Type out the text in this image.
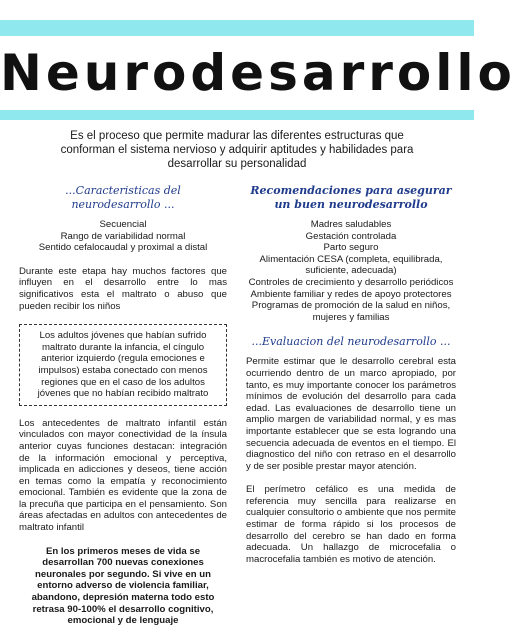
Neurodesarrollo

Es el proceso que permite madurar las diferentes estructuras que conforman el sistema nervioso y adquirir aptitudes y habilidades para desarrollar su personalidad

...Caracteristicas del neurodesarrollo ...
Secuencial
Rango de variabilidad normal
Sentido cefalocaudal y proximal a distal

Durante este etapa hay muchos factores que influyen en el desarrollo entre lo mas significativos esta el maltrato o abuso que pueden recibir los niños

Los adultos jóvenes que habían sufrido maltrato durante la infancia, el cíngulo anterior izquierdo (regula emociones e impulsos) estaba conectado con menos regiones que en el caso de los adultos jóvenes que no habían recibido maltrato

Los antecedentes de maltrato infantil están vinculados con mayor conectividad de la ínsula anterior cuyas funciones destacan: integración de la información emocional y perceptiva, implicada en adicciones y deseos, tiene acción en temas como la empatía y reconocimiento emocional. También es evidente que la zona de la precuña que participa en el pensamiento. Son áreas afectadas en adultos con antecedentes de maltrato infantil

En los primeros meses de vida se desarrollan 700 nuevas conexiones neuronales por segundo. Si vive en un entorno adverso de violencia familiar, abandono, depresión materna todo esto retrasa 90-100% el desarrollo cognitivo, emocional y de lenguaje

Recomendaciones para asegurar un buen neurodesarrollo
Madres saludables
Gestación controlada
Parto seguro
Alimentación CESA (completa, equilibrada, suficiente, adecuada)
Controles de crecimiento y desarrollo periódicos
Ambiente familiar y redes de apoyo protectores
Programas de promoción de la salud en niños, mujeres y familias
...Evaluacion del neurodesarrollo ...

Permite estimar que le desarrollo cerebral esta ocurriendo dentro de un marco apropiado, por tanto, es muy importante conocer los parámetros mínimos de evolución del desarrollo para cada edad. Las evaluaciones de desarrollo tiene un amplio margen de variabilidad normal, y es mas importante establecer que se esta logrando una secuencia adecuada de eventos en el tiempo. El diagnostico del niño con retraso en el desarrollo y de ser posible prestar mayor atención.

El perímetro cefálico es una medida de referencia muy sencilla para realizarse en cualquier consultorio o ambiente que nos permite estimar de forma rápido si los procesos de desarrollo del cerebro se han dado en forma adecuada. Un hallazgo de microcefalia o macrocefalia también es motivo de atención.
